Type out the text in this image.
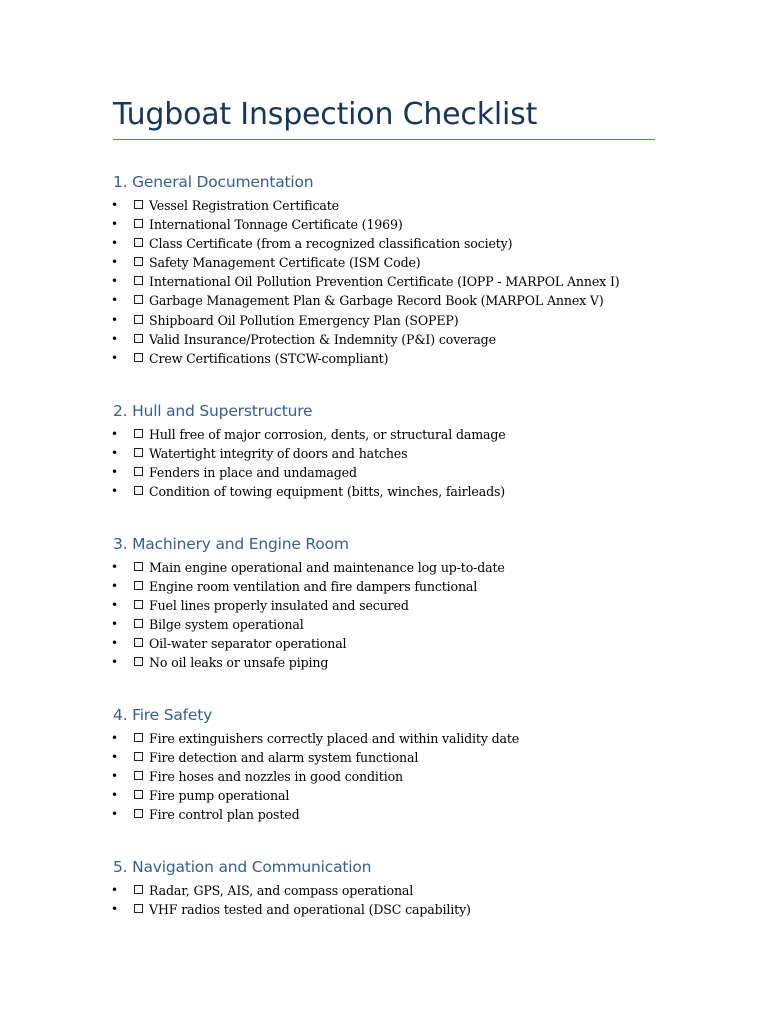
Tugboat Inspection Checklist
1. General Documentation
• Vessel Registration Certificate
• International Tonnage Certificate (1969)
• Class Certificate (from a recognized classification society)
• Safety Management Certificate (ISM Code)
• International Oil Pollution Prevention Certificate (IOPP - MARPOL Annex I)
• Garbage Management Plan & Garbage Record Book (MARPOL Annex V)
• Shipboard Oil Pollution Emergency Plan (SOPEP)
• Valid Insurance/Protection & Indemnity (P&I) coverage
• Crew Certifications (STCW-compliant)
2. Hull and Superstructure
• Hull free of major corrosion, dents, or structural damage
• Watertight integrity of doors and hatches
• Fenders in place and undamaged
• Condition of towing equipment (bitts, winches, fairleads)
3. Machinery and Engine Room
• Main engine operational and maintenance log up-to-date
• Engine room ventilation and fire dampers functional
• Fuel lines properly insulated and secured
• Bilge system operational
• Oil-water separator operational
• No oil leaks or unsafe piping
4. Fire Safety
• Fire extinguishers correctly placed and within validity date
• Fire detection and alarm system functional
• Fire hoses and nozzles in good condition
• Fire pump operational
• Fire control plan posted
5. Navigation and Communication
• Radar, GPS, AIS, and compass operational
• VHF radios tested and operational (DSC capability)
